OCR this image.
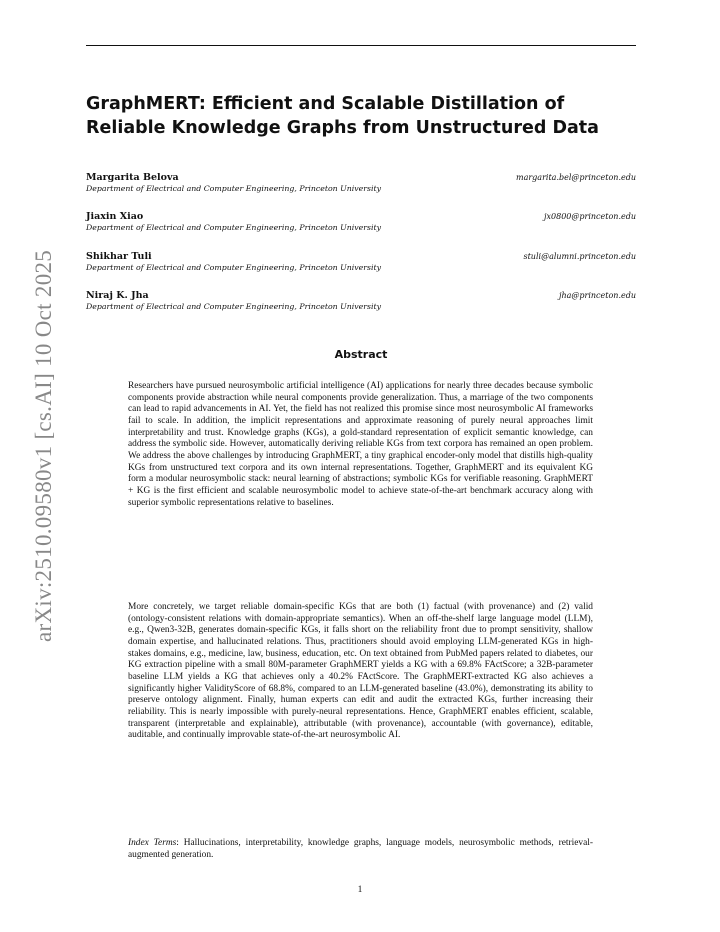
arXiv:2510.09580v1 [cs.AI] 10 Oct 2025
GraphMERT: Efficient and Scalable Distillation of Reliable Knowledge Graphs from Unstructured Data
Margarita Belova	margarita.bel@princeton.edu
Department of Electrical and Computer Engineering, Princeton University
Jiaxin Xiao	jx0800@princeton.edu
Department of Electrical and Computer Engineering, Princeton University
Shikhar Tuli	stuli@alumni.princeton.edu
Department of Electrical and Computer Engineering, Princeton University
Niraj K. Jha	jha@princeton.edu
Department of Electrical and Computer Engineering, Princeton University
Abstract

Researchers have pursued neurosymbolic artificial intelligence (AI) applications for nearly three decades because symbolic components provide abstraction while neural components provide generalization. Thus, a marriage of the two components can lead to rapid advancements in AI. Yet, the field has not realized this promise since most neurosymbolic AI frameworks fail to scale. In addition, the implicit representations and approximate reasoning of purely neural approaches limit interpretability and trust. Knowledge graphs (KGs), a gold-standard representation of explicit semantic knowledge, can address the symbolic side. However, automatically deriving reliable KGs from text corpora has remained an open problem. We address the above challenges by introducing GraphMERT, a tiny graphical encoder-only model that distills high-quality KGs from unstructured text corpora and its own internal representations. Together, GraphMERT and its equivalent KG form a modular neurosymbolic stack: neural learning of abstractions; symbolic KGs for verifiable reasoning. GraphMERT + KG is the first efficient and scalable neurosymbolic model to achieve state-of-the-art benchmark accuracy along with superior symbolic representations relative to baselines.

More concretely, we target reliable domain-specific KGs that are both (1) factual (with provenance) and (2) valid (ontology-consistent relations with domain-appropriate semantics). When an off-the-shelf large language model (LLM), e.g., Qwen3-32B, generates domain-specific KGs, it falls short on the reliability front due to prompt sensitivity, shallow domain expertise, and hallucinated relations. Thus, practitioners should avoid employing LLM-generated KGs in high-stakes domains, e.g., medicine, law, business, education, etc. On text obtained from PubMed papers related to diabetes, our KG extraction pipeline with a small 80M-parameter GraphMERT yields a KG with a 69.8% FActScore; a 32B-parameter baseline LLM yields a KG that achieves only a 40.2% FActScore. The GraphMERT-extracted KG also achieves a significantly higher ValidityScore of 68.8%, compared to an LLM-generated baseline (43.0%), demonstrating its ability to preserve ontology alignment. Finally, human experts can edit and audit the extracted KGs, further increasing their reliability. This is nearly impossible with purely-neural representations. Hence, GraphMERT enables efficient, scalable, transparent (interpretable and explainable), attributable (with provenance), accountable (with governance), editable, auditable, and continually improvable state-of-the-art neurosymbolic AI.

Index Terms: Hallucinations, interpretability, knowledge graphs, language models, neurosymbolic methods, retrieval-augmented generation.

1
